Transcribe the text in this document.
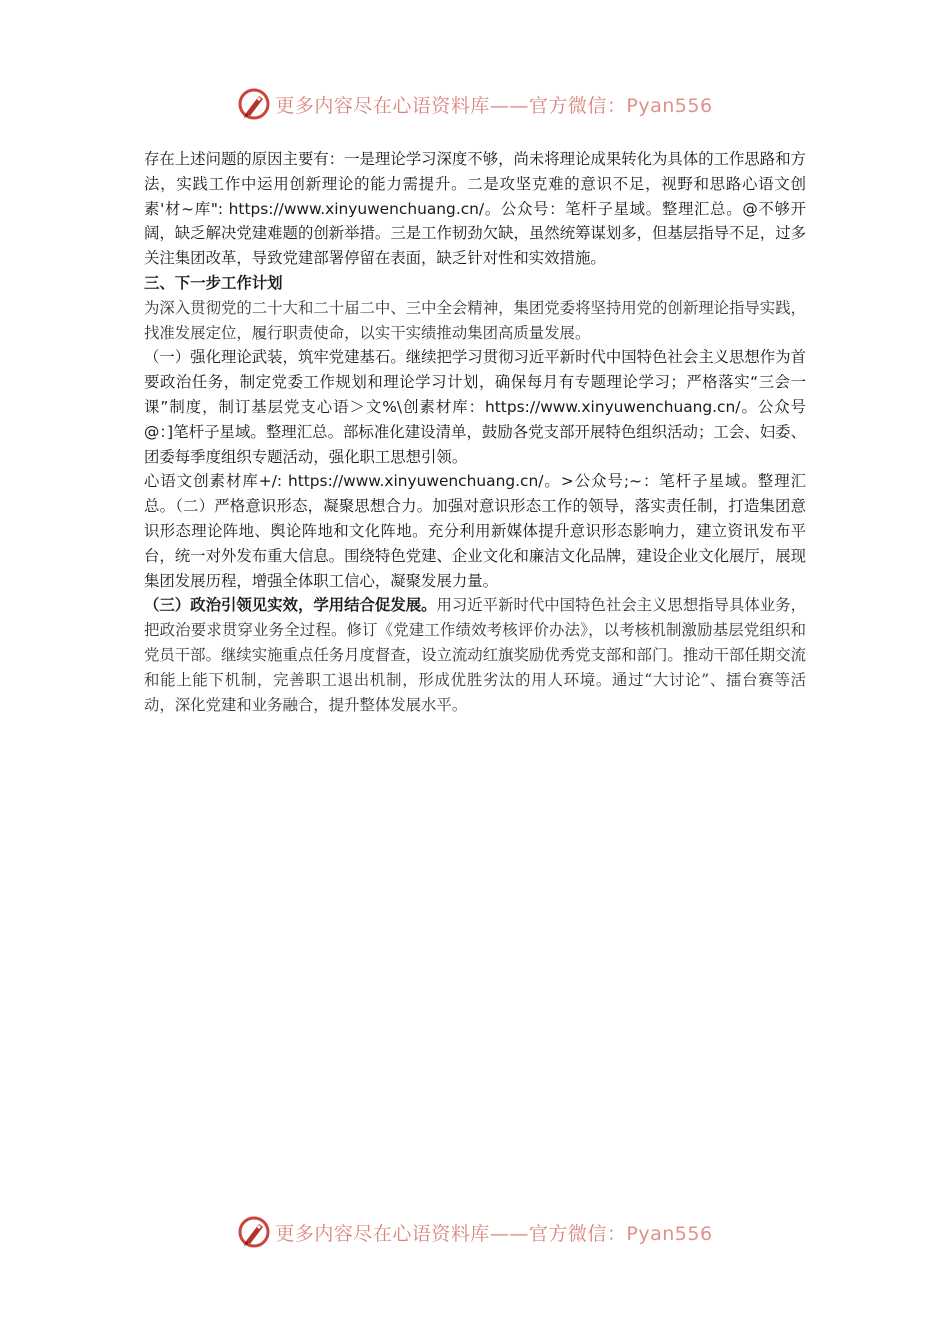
更多内容尽在心语资料库——官方微信：Pyan556

存在上述问题的原因主要有：一是理论学习深度不够，尚未将理论成果转化为具体的工作思路和方法，实践工作中运用创新理论的能力需提升。二是攻坚克难的意识不足，视野和思路心语文创素'材~库": https://www.xinyuwenchuang.cn/。公众号：笔杆子星域。整理汇总。@不够开阔，缺乏解决党建难题的创新举措。三是工作韧劲欠缺，虽然统筹谋划多，但基层指导不足，过多关注集团改革，导致党建部署停留在表面，缺乏针对性和实效措施。

三、下一步工作计划

为深入贯彻党的二十大和二十届二中、三中全会精神，集团党委将坚持用党的创新理论指导实践，找准发展定位，履行职责使命，以实干实绩推动集团高质量发展。

（一）强化理论武装，筑牢党建基石。继续把学习贯彻习近平新时代中国特色社会主义思想作为首要政治任务，制定党委工作规划和理论学习计划，确保每月有专题理论学习；严格落实“三会一课”制度，制订基层党支心语＞文%\创素材库：https://www.xinyuwenchuang.cn/。公众号@：]笔杆子星域。整理汇总。部标准化建设清单，鼓励各党支部开展特色组织活动；工会、妇委、团委每季度组织专题活动，强化职工思想引领。

心语文创素材库+/: https://www.xinyuwenchuang.cn/。>公众号;~：笔杆子星域。整理汇总。（二）严格意识形态，凝聚思想合力。加强对意识形态工作的领导，落实责任制，打造集团意识形态理论阵地、舆论阵地和文化阵地。充分利用新媒体提升意识形态影响力，建立资讯发布平台，统一对外发布重大信息。围绕特色党建、企业文化和廉洁文化品牌，建设企业文化展厅，展现集团发展历程，增强全体职工信心，凝聚发展力量。

（三）政治引领见实效，学用结合促发展。用习近平新时代中国特色社会主义思想指导具体业务，把政治要求贯穿业务全过程。修订《党建工作绩效考核评价办法》，以考核机制激励基层党组织和党员干部。继续实施重点任务月度督查，设立流动红旗奖励优秀党支部和部门。推动干部任期交流和能上能下机制，完善职工退出机制，形成优胜劣汰的用人环境。通过“大讨论”、擂台赛等活动，深化党建和业务融合，提升整体发展水平。

更多内容尽在心语资料库——官方微信：Pyan556
